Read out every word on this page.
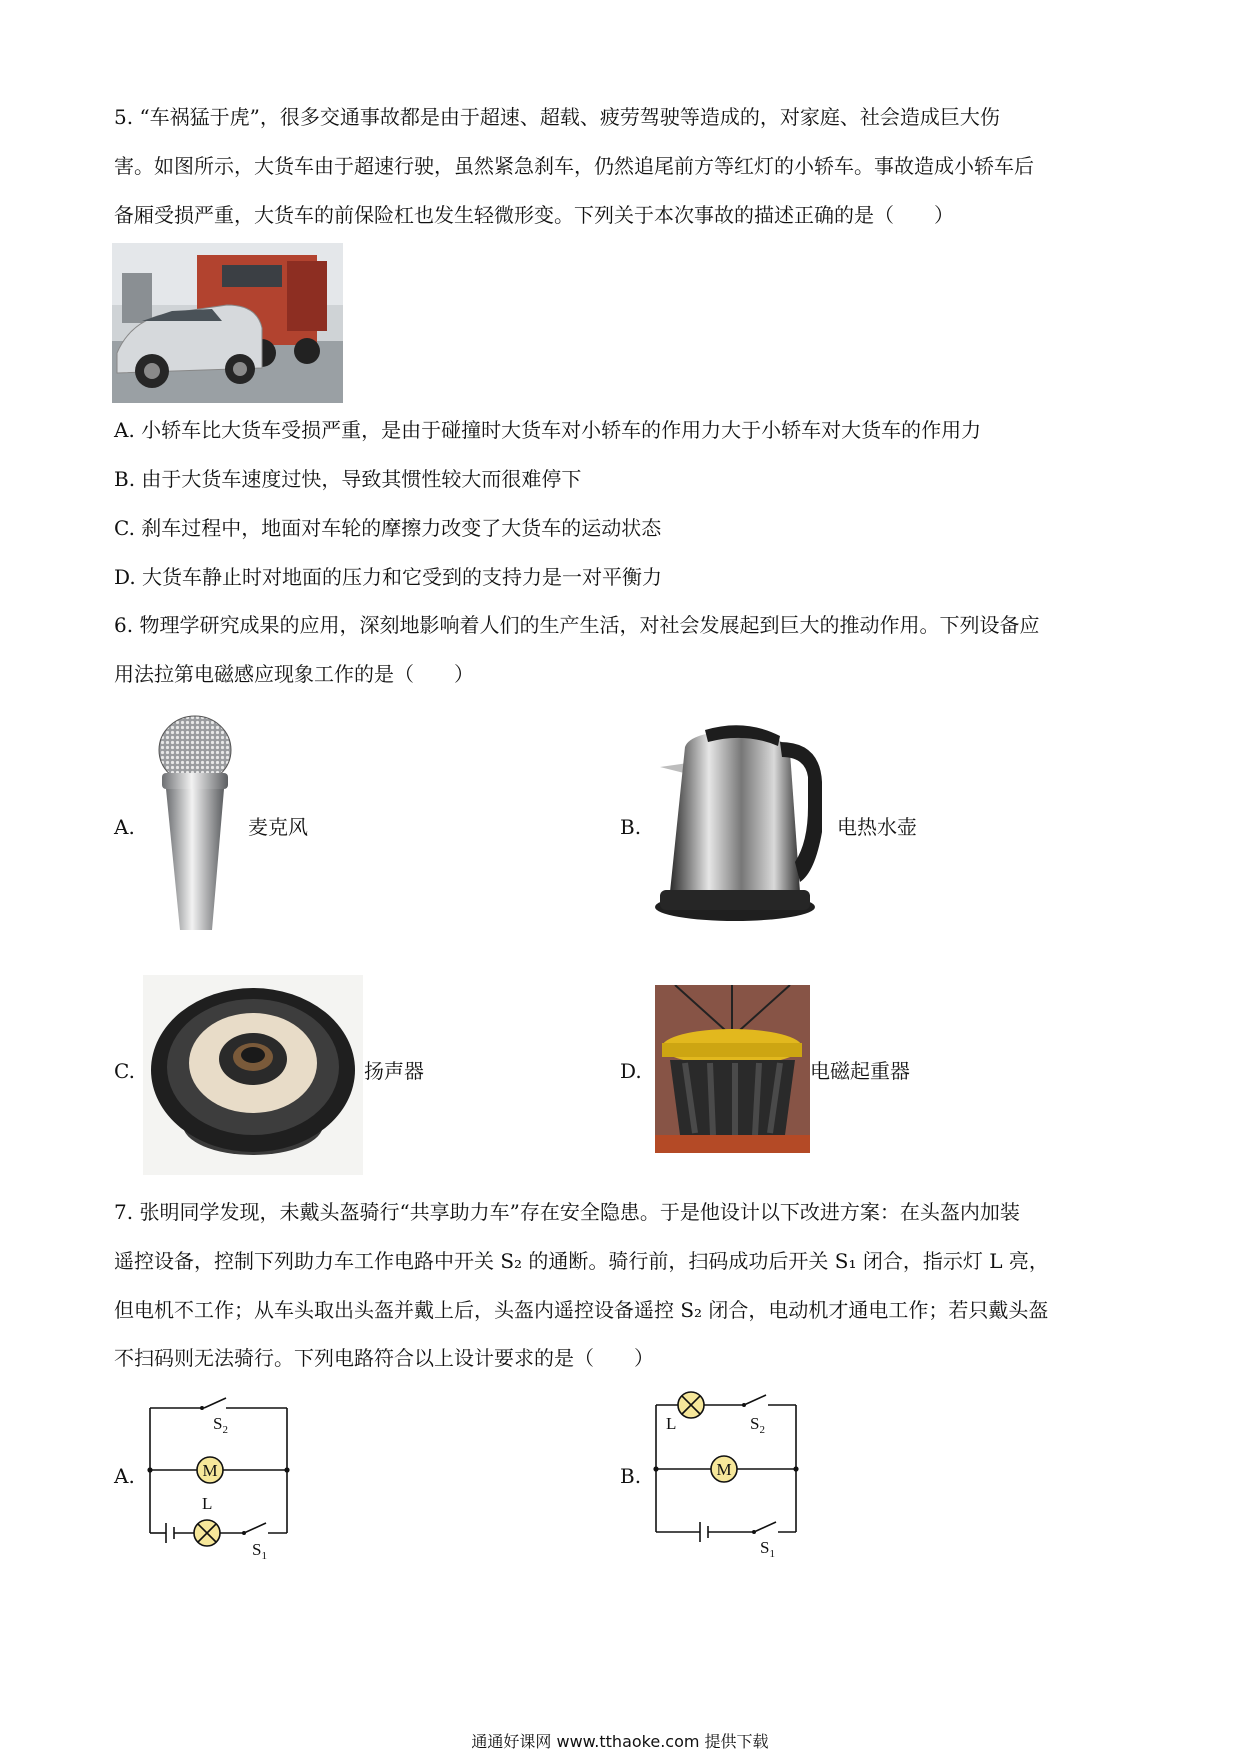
5. “车祸猛于虎”，很多交通事故都是由于超速、超载、疲劳驾驶等造成的，对家庭、社会造成巨大伤
害。如图所示，大货车由于超速行驶，虽然紧急刹车，仍然追尾前方等红灯的小轿车。事故造成小轿车后
备厢受损严重，大货车的前保险杠也发生轻微形变。下列关于本次事故的描述正确的是（　　）
A. 小轿车比大货车受损严重，是由于碰撞时大货车对小轿车的作用力大于小轿车对大货车的作用力
B. 由于大货车速度过快，导致其惯性较大而很难停下
C. 刹车过程中，地面对车轮的摩擦力改变了大货车的运动状态
D. 大货车静止时对地面的压力和它受到的支持力是一对平衡力
6. 物理学研究成果的应用，深刻地影响着人们的生产生活，对社会发展起到巨大的推动作用。下列设备应
用法拉第电磁感应现象工作的是（　　）
A.	麦克风	B.	电热水壶
C.	扬声器	D.	电磁起重器
7. 张明同学发现，未戴头盔骑行“共享助力车”存在安全隐患。于是他设计以下改进方案：在头盔内加装
遥控设备，控制下列助力车工作电路中开关 S₂ 的通断。骑行前，扫码成功后开关 S₁ 闭合，指示灯 L 亮，
但电机不工作；从车头取出头盔并戴上后，头盔内遥控设备遥控 S₂ 闭合，电动机才通电工作；若只戴头盔
不扫码则无法骑行。下列电路符合以上设计要求的是（　　）
A.
$S_2$
M
L
$S_1$
B.
L	$S_2$
M
$S_1$
通通好课网 www.tthaoke.com 提供下载
